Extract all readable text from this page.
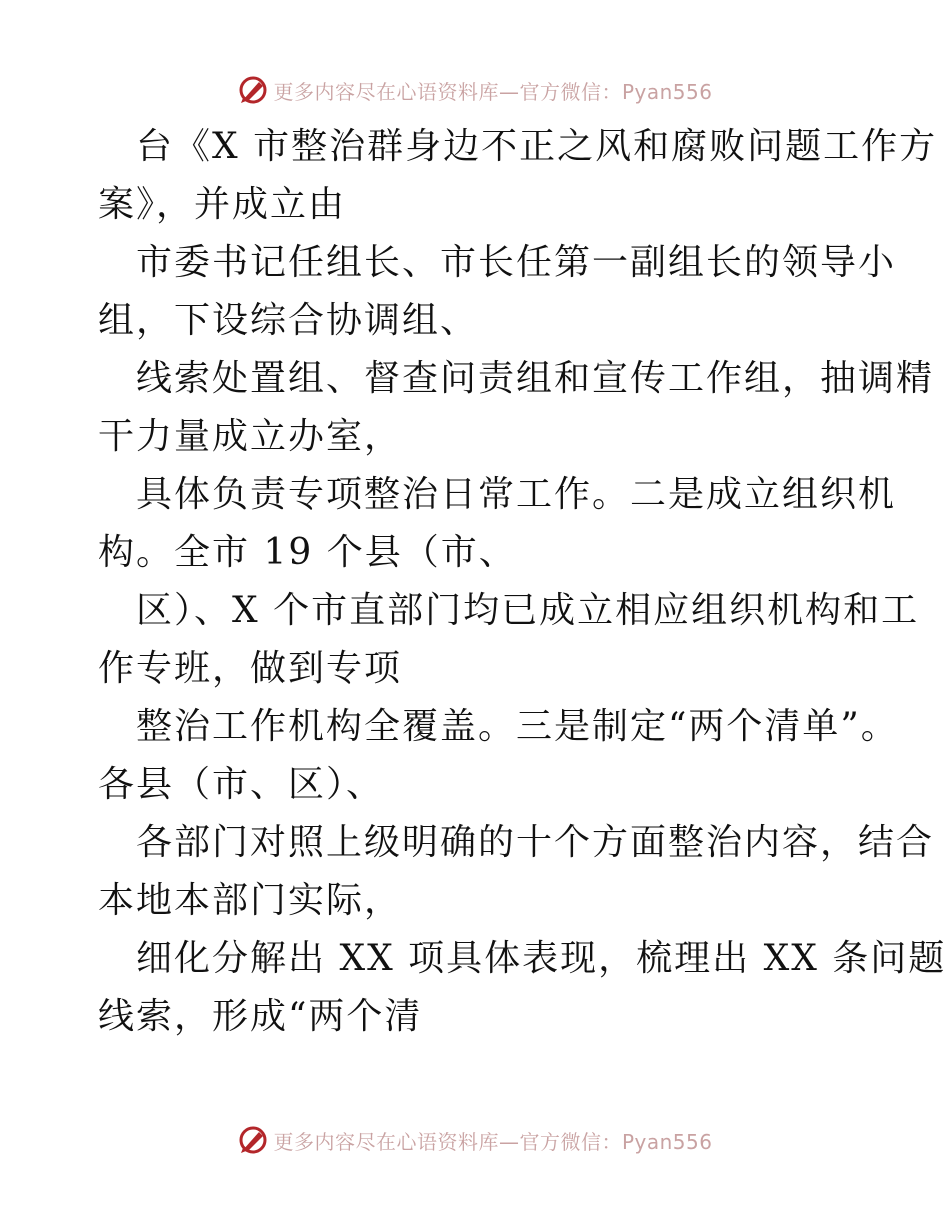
更多内容尽在心语资料库—官方微信：Pyan556
台《X 市整治群身边不正之风和腐败问题工作方
案》，并成立由
市委书记任组长、市长任第一副组长的领导小
组，下设综合协调组、
线索处置组、督查问责组和宣传工作组，抽调精
干力量成立办室，
具体负责专项整治日常工作。二是成立组织机
构。全市 19 个县（市、
区）、X 个市直部门均已成立相应组织机构和工
作专班，做到专项
整治工作机构全覆盖。三是制定“两个清单”。
各县（市、区）、
各部门对照上级明确的十个方面整治内容，结合
本地本部门实际，
细化分解出 XX 项具体表现，梳理出 XX 条问题
线索，形成“两个清
更多内容尽在心语资料库—官方微信：Pyan556
